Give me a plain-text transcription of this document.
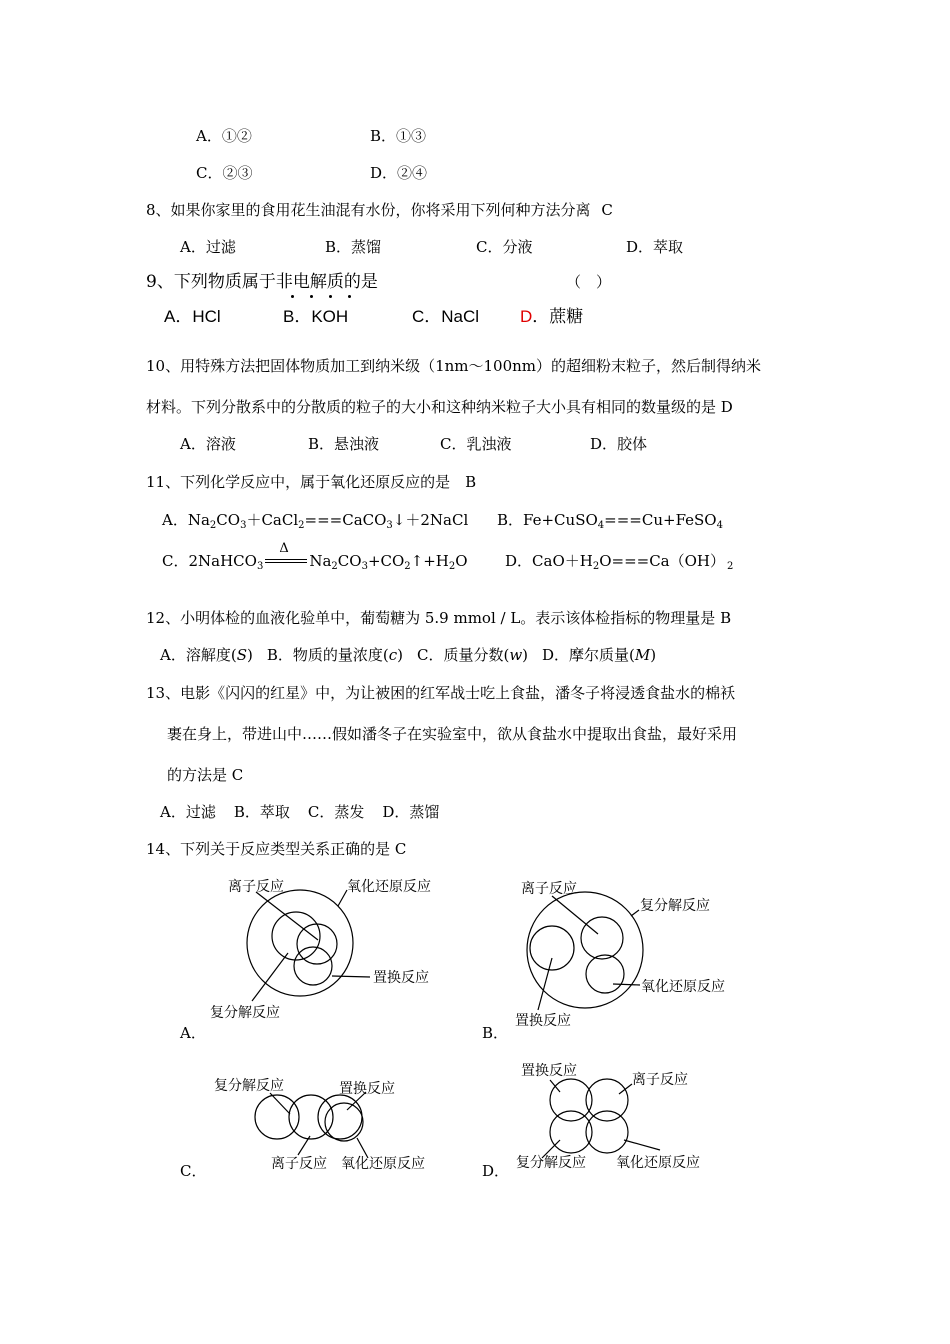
A．①②	B．①③
C．②③	D．②④
8、如果你家里的食用花生油混有水份，你将采用下列何种方法分离 C
A．过滤	B．蒸馏	C．分液	D．萃取
9、下列物质属于非电解质的是	（　）
A．HCl	B．KOH	C．NaCl D．蔗糖
10、用特殊方法把固体物质加工到纳米级（1nm～100nm）的超细粉末粒子，然后制得纳米
材料。下列分散系中的分散质的粒子的大小和这种纳米粒子大小具有相同的数量级的是 D
A．溶液	B．悬浊液	C．乳浊液	D．胶体
11、下列化学反应中，属于氧化还原反应的是　B
A．$Na_2CO_3+CaCl_2===CaCO_3↓+2NaCl$ B．Fe+CuSO$_4$===Cu+FeSO$_4$
C．2NaHCO$_3$
Δ
$Na_2CO_3+CO_2↑+H_2O$ D．$CaO+H_2O===Ca(OH)$ $_2$
12、小明体检的血液化验单中，葡萄糖为 5.9 mmol / L。表示该体检指标的物理量是 B
A．溶解度(S) B．物质的量浓度(c) C．质量分数(w) D．摩尔质量(M)
13、电影《闪闪的红星》中，为让被困的红军战士吃上食盐，潘冬子将浸透食盐水的棉袄
裹在身上，带进山中……假如潘冬子在实验室中，欲从食盐水中提取出食盐，最好采用
的方法是 C
A．过滤 B．萃取 C．蒸发 D．蒸馏
14、下列关于反应类型关系正确的是 C
离子反应	氧化还原反应
置换反应
复分解反应
A．
离子反应
复分解反应
氧化还原反应
置换反应
B．
复分解反应	置换反应
离子反应 氧化还原反应
C．
置换反应
离子反应
复分解反应 氧化还原反应
D．
